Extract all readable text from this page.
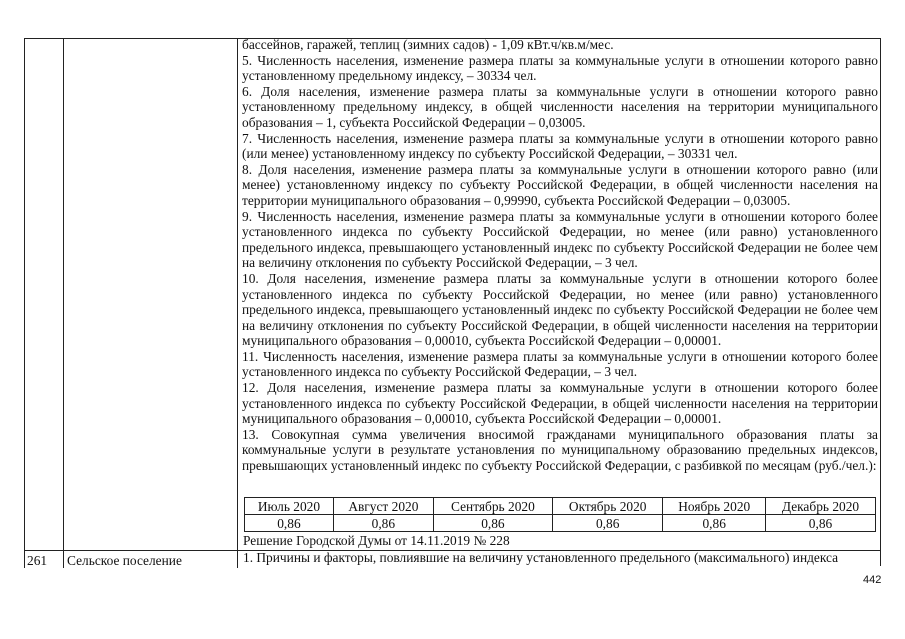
бассейнов, гаражей, теплиц (зимних садов) - 1,09 кВт.ч/кв.м/мес.

5. Численность населения, изменение размера платы за коммунальные услуги в отношении которого равно установленному предельному индексу, – 30334 чел.

6. Доля населения, изменение размера платы за коммунальные услуги в отношении которого равно установленному предельному индексу, в общей численности населения на территории муниципального образования – 1, субъекта Российской Федерации – 0,03005.

7. Численность населения, изменение размера платы за коммунальные услуги в отношении которого равно (или менее) установленному индексу по субъекту Российской Федерации, – 30331 чел.

8. Доля населения, изменение размера платы за коммунальные услуги в отношении которого равно (или менее) установленному индексу по субъекту Российской Федерации, в общей численности населения на территории муниципального образования – 0,99990, субъекта Российской Федерации – 0,03005.

9. Численность населения, изменение размера платы за коммунальные услуги в отношении которого более установленного индекса по субъекту Российской Федерации, но менее (или равно) установленного предельного индекса, превышающего установленный индекс по субъекту Российской Федерации не более чем на величину отклонения по субъекту Российской Федерации, – 3 чел.

10. Доля населения, изменение размера платы за коммунальные услуги в отношении которого более установленного индекса по субъекту Российской Федерации, но менее (или равно) установленного предельного индекса, превышающего установленный индекс по субъекту Российской Федерации не более чем на величину отклонения по субъекту Российской Федерации, в общей численности населения на территории муниципального образования – 0,00010, субъекта Российской Федерации – 0,00001.

11. Численность населения, изменение размера платы за коммунальные услуги в отношении которого более установленного индекса по субъекту Российской Федерации, – 3 чел.

12. Доля населения, изменение размера платы за коммунальные услуги в отношении которого более установленного индекса по субъекту Российской Федерации, в общей численности населения на территории муниципального образования – 0,00010, субъекта Российской Федерации – 0,00001.

13. Совокупная сумма увеличения вносимой гражданами муниципального образования платы за коммунальные услуги в результате установления по муниципальному образованию предельных индексов, превышающих установленный индекс по субъекту Российской Федерации, с разбивкой по месяцам (руб./чел.):

Июль 2020	Август 2020	Сентябрь 2020	Октябрь 2020	Ноябрь 2020	Декабрь 2020
0,86	0,86	0,86	0,86	0,86	0,86
Решение Городской Думы от 14.11.2019 № 228
261 Сельское поселение	1. Причины и факторы, повлиявшие на величину установленного предельного (максимального) индекса
442
